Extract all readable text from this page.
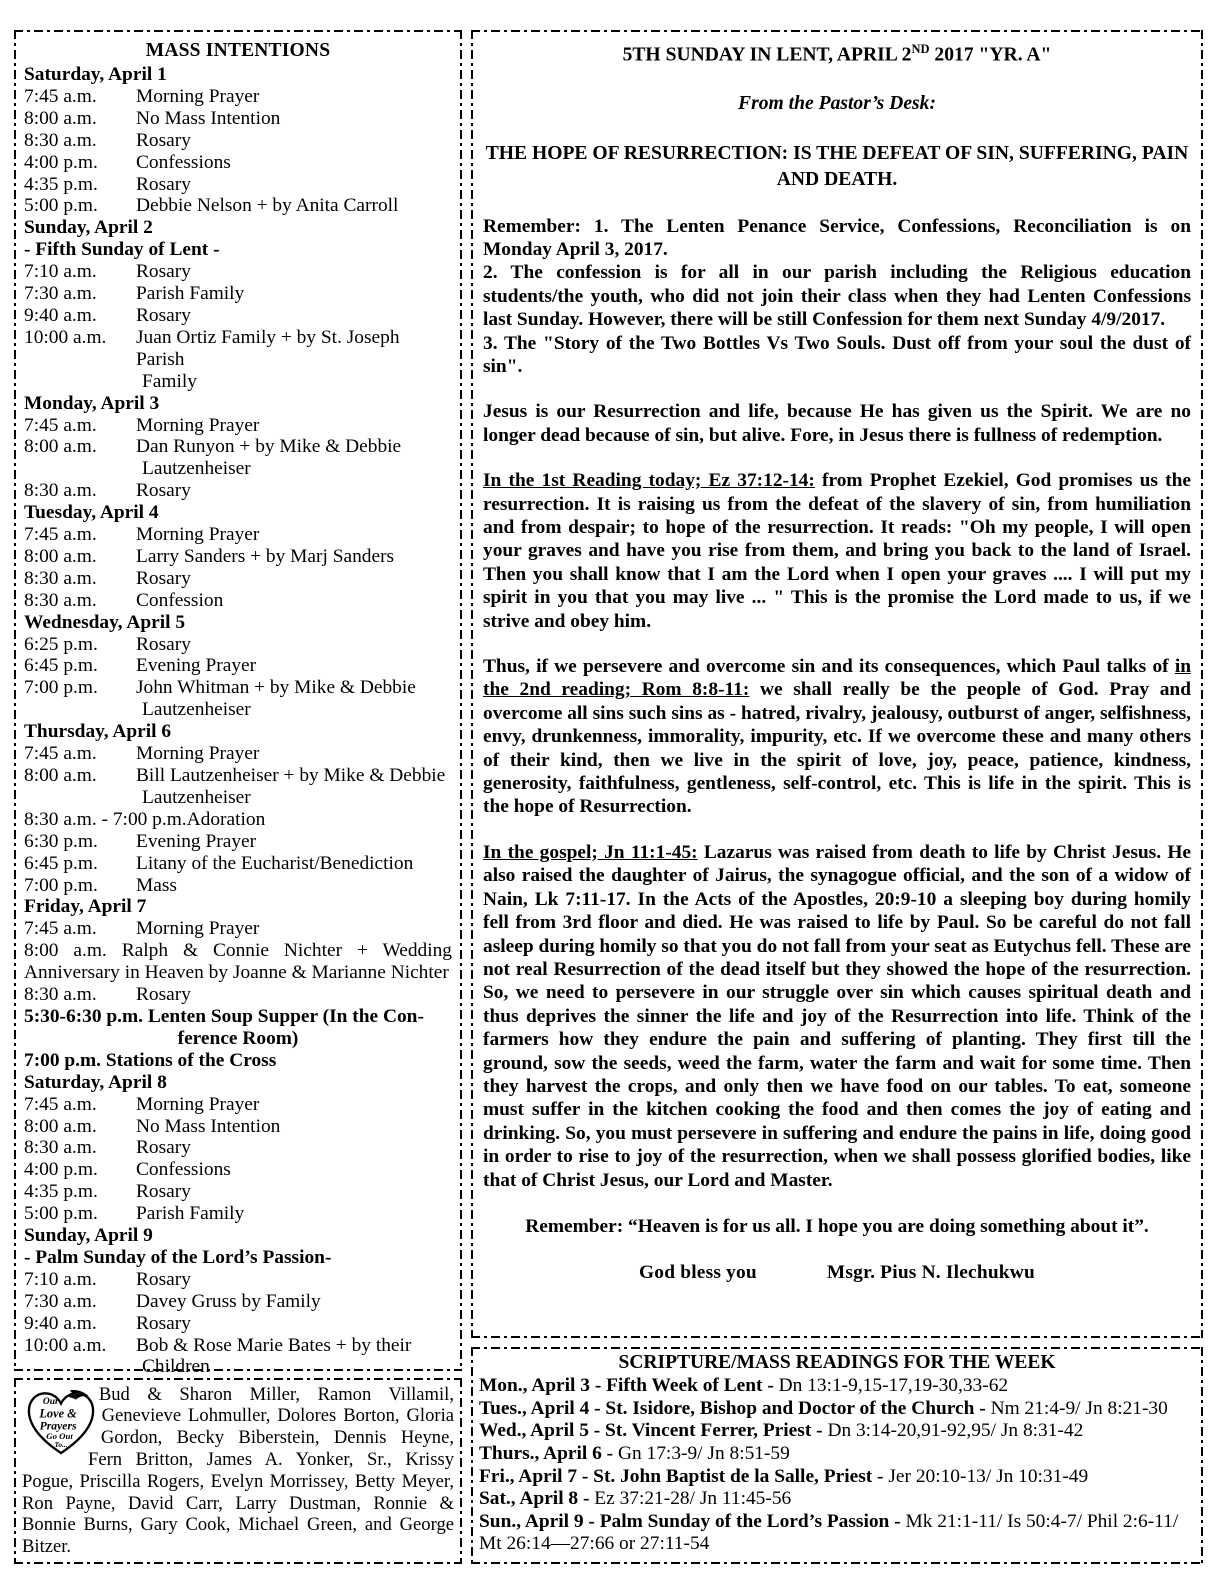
MASS INTENTIONS
Saturday, April 1
7:45 a.m.	Morning Prayer
8:00 a.m.	No Mass Intention
8:30 a.m.	Rosary
4:00 p.m.	Confessions
4:35 p.m.	Rosary
5:00 p.m.	Debbie Nelson + by Anita Carroll
Sunday, April 2
- Fifth Sunday of Lent -
7:10 a.m.	Rosary
7:30 a.m.	Parish Family
9:40 a.m.	Rosary
10:00 a.m.	Juan Ortiz Family + by St. Joseph Parish
Family
Monday, April 3
7:45 a.m.	Morning Prayer
8:00 a.m.	Dan Runyon + by Mike & Debbie
Lautzenheiser
8:30 a.m.	Rosary
Tuesday, April 4
7:45 a.m.	Morning Prayer
8:00 a.m.	Larry Sanders + by Marj Sanders
8:30 a.m.	Rosary
8:30 a.m.	Confession
Wednesday, April 5
6:25 p.m.	Rosary
6:45 p.m.	Evening Prayer
7:00 p.m.	John Whitman + by Mike & Debbie
Lautzenheiser
Thursday, April 6
7:45 a.m.	Morning Prayer
8:00 a.m.	Bill Lautzenheiser + by Mike & Debbie
Lautzenheiser
8:30 a.m. - 7:00 p.m. Adoration
6:30 p.m.	Evening Prayer
6:45 p.m.	Litany of the Eucharist/Benediction
7:00 p.m.	Mass
Friday, April 7
7:45 a.m.	Morning Prayer
8:00 a.m. Ralph & Connie Nichter + Wedding Anniversary in Heaven by Joanne & Marianne Nichter
8:30 a.m.	Rosary
5:30-6:30 p.m. Lenten Soup Supper (In the Con-
ference Room)
7:00 p.m. Stations of the Cross
Saturday, April 8
7:45 a.m.	Morning Prayer
8:00 a.m.	No Mass Intention
8:30 a.m.	Rosary
4:00 p.m.	Confessions
4:35 p.m.	Rosary
5:00 p.m.	Parish Family
Sunday, April 9
- Palm Sunday of the Lord’s Passion-
7:10 a.m.	Rosary
7:30 a.m.	Davey Gruss by Family
9:40 a.m.	Rosary
10:00 a.m.	Bob & Rose Marie Bates + by their
Children
Our
Love &
Prayers
Go Out
To...
Bud & Sharon Miller, Ramon Villamil, Genevieve Lohmuller, Dolores Borton, Gloria Gordon, Becky Biberstein, Dennis Heyne, Fern Britton, James A. Yonker, Sr., Krissy Pogue, Priscilla Rogers, Evelyn Morrissey, Betty Meyer, Ron Payne, David Carr, Larry Dustman, Ronnie & Bonnie Burns, Gary Cook, Michael Green, and George Bitzer.
5TH SUNDAY IN LENT, APRIL 2ND 2017 "YR. A"
From the Pastor’s Desk:
THE HOPE OF RESURRECTION: IS THE DEFEAT OF SIN, SUFFERING, PAIN AND DEATH.
Remember: 1. The Lenten Penance Service, Confessions, Reconciliation is on Monday April 3, 2017.
2. The confession is for all in our parish including the Religious education students/the youth, who did not join their class when they had Lenten Confessions last Sunday. However, there will be still Confession for them next Sunday 4/9/2017.
3. The "Story of the Two Bottles Vs Two Souls. Dust off from your soul the dust of sin".
Jesus is our Resurrection and life, because He has given us the Spirit. We are no longer dead because of sin, but alive. Fore, in Jesus there is fullness of redemption.
In the 1st Reading today; Ez 37:12-14: from Prophet Ezekiel, God promises us the resurrection. It is raising us from the defeat of the slavery of sin, from humiliation and from despair; to hope of the resurrection. It reads: "Oh my people, I will open your graves and have you rise from them, and bring you back to the land of Israel. Then you shall know that I am the Lord when I open your graves .... I will put my spirit in you that you may live ... " This is the promise the Lord made to us, if we strive and obey him.
Thus, if we persevere and overcome sin and its consequences, which Paul talks of in the 2nd reading; Rom 8:8-11: we shall really be the people of God. Pray and overcome all sins such sins as - hatred, rivalry, jealousy, outburst of anger, selfishness, envy, drunkenness, immorality, impurity, etc. If we overcome these and many others of their kind, then we live in the spirit of love, joy, peace, patience, kindness, generosity, faithfulness, gentleness, self-control, etc. This is life in the spirit. This is the hope of Resurrection.
In the gospel; Jn 11:1-45: Lazarus was raised from death to life by Christ Jesus. He also raised the daughter of Jairus, the synagogue official, and the son of a widow of Nain, Lk 7:11-17. In the Acts of the Apostles, 20:9-10 a sleeping boy during homily fell from 3rd floor and died. He was raised to life by Paul. So be careful do not fall asleep during homily so that you do not fall from your seat as Eutychus fell. These are not real Resurrection of the dead itself but they showed the hope of the resurrection. So, we need to persevere in our struggle over sin which causes spiritual death and thus deprives the sinner the life and joy of the Resurrection into life. Think of the farmers how they endure the pain and suffering of planting. They first till the ground, sow the seeds, weed the farm, water the farm and wait for some time. Then they harvest the crops, and only then we have food on our tables. To eat, someone must suffer in the kitchen cooking the food and then comes the joy of eating and drinking. So, you must persevere in suffering and endure the pains in life, doing good in order to rise to joy of the resurrection, when we shall possess glorified bodies, like that of Christ Jesus, our Lord and Master.
Remember: “Heaven is for us all. I hope you are doing something about it”.
God bless you	Msgr. Pius N. Ilechukwu
SCRIPTURE/MASS READINGS FOR THE WEEK
Mon., April 3 - Fifth Week of Lent - Dn 13:1-9,15-17,19-30,33-62
Tues., April 4 - St. Isidore, Bishop and Doctor of the Church - Nm 21:4-9/ Jn 8:21-30
Wed., April 5 - St. Vincent Ferrer, Priest - Dn 3:14-20,91-92,95/ Jn 8:31-42
Thurs., April 6 - Gn 17:3-9/ Jn 8:51-59
Fri., April 7 - St. John Baptist de la Salle, Priest - Jer 20:10-13/ Jn 10:31-49
Sat., April 8 - Ez 37:21-28/ Jn 11:45-56
Sun., April 9 - Palm Sunday of the Lord’s Passion - Mk 21:1-11/ Is 50:4-7/ Phil 2:6-11/ Mt 26:14—27:66 or 27:11-54
